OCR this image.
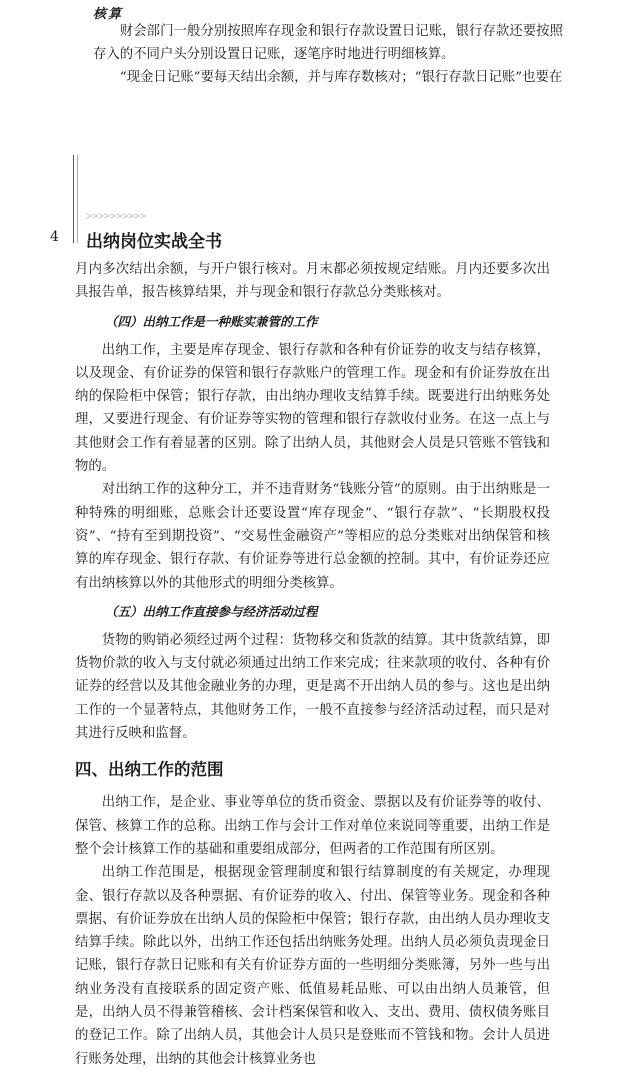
核算

财会部门一般分别按照库存现金和银行存款设置日记账，银行存款还要按照存入的不同户头分别设置日记账，逐笔序时地进行明细核算。

“现金日记账”要每天结出余额，并与库存数核对；“银行存款日记账”也要在

>>>>>>>>>>
4 出纳岗位实战全书

月内多次结出余额，与开户银行核对。月末都必须按规定结账。月内还要多次出具报告单，报告核算结果，并与现金和银行存款总分类账核对。

（四）出纳工作是一种账实兼管的工作

出纳工作，主要是库存现金、银行存款和各种有价证券的收支与结存核算，以及现金、有价证券的保管和银行存款账户的管理工作。现金和有价证券放在出纳的保险柜中保管；银行存款，由出纳办理收支结算手续。既要进行出纳账务处理，又要进行现金、有价证券等实物的管理和银行存款收付业务。在这一点上与其他财会工作有着显著的区别。除了出纳人员，其他财会人员是只管账不管钱和物的。

对出纳工作的这种分工，并不违背财务“钱账分管”的原则。由于出纳账是一种特殊的明细账，总账会计还要设置“库存现金”、“银行存款”、“长期股权投资”、“持有至到期投资”、“交易性金融资产”等相应的总分类账对出纳保管和核算的库存现金、银行存款、有价证券等进行总金额的控制。其中，有价证券还应有出纳核算以外的其他形式的明细分类核算。

（五）出纳工作直接参与经济活动过程

货物的购销必须经过两个过程：货物移交和货款的结算。其中货款结算，即货物价款的收入与支付就必须通过出纳工作来完成；往来款项的收付、各种有价证券的经营以及其他金融业务的办理，更是离不开出纳人员的参与。这也是出纳工作的一个显著特点，其他财务工作，一般不直接参与经济活动过程，而只是对其进行反映和监督。

四、出纳工作的范围

出纳工作，是企业、事业等单位的货币资金、票据以及有价证券等的收付、保管、核算工作的总称。出纳工作与会计工作对单位来说同等重要，出纳工作是整个会计核算工作的基础和重要组成部分，但两者的工作范围有所区别。

出纳工作范围是，根据现金管理制度和银行结算制度的有关规定，办理现金、银行存款以及各种票据、有价证券的收入、付出、保管等业务。现金和各种票据、有价证券放在出纳人员的保险柜中保管；银行存款，由出纳人员办理收支结算手续。除此以外，出纳工作还包括出纳账务处理。出纳人员必须负责现金日记账，银行存款日记账和有关有价证券方面的一些明细分类账簿，另外一些与出纳业务没有直接联系的固定资产账、低值易耗品账、可以由出纳人员兼管，但是，出纳人员不得兼管稽核、会计档案保管和收入、支出、费用、债权债务账目的登记工作。除了出纳人员，其他会计人员只是登账而不管钱和物。会计人员进行账务处理，出纳的其他会计核算业务也
